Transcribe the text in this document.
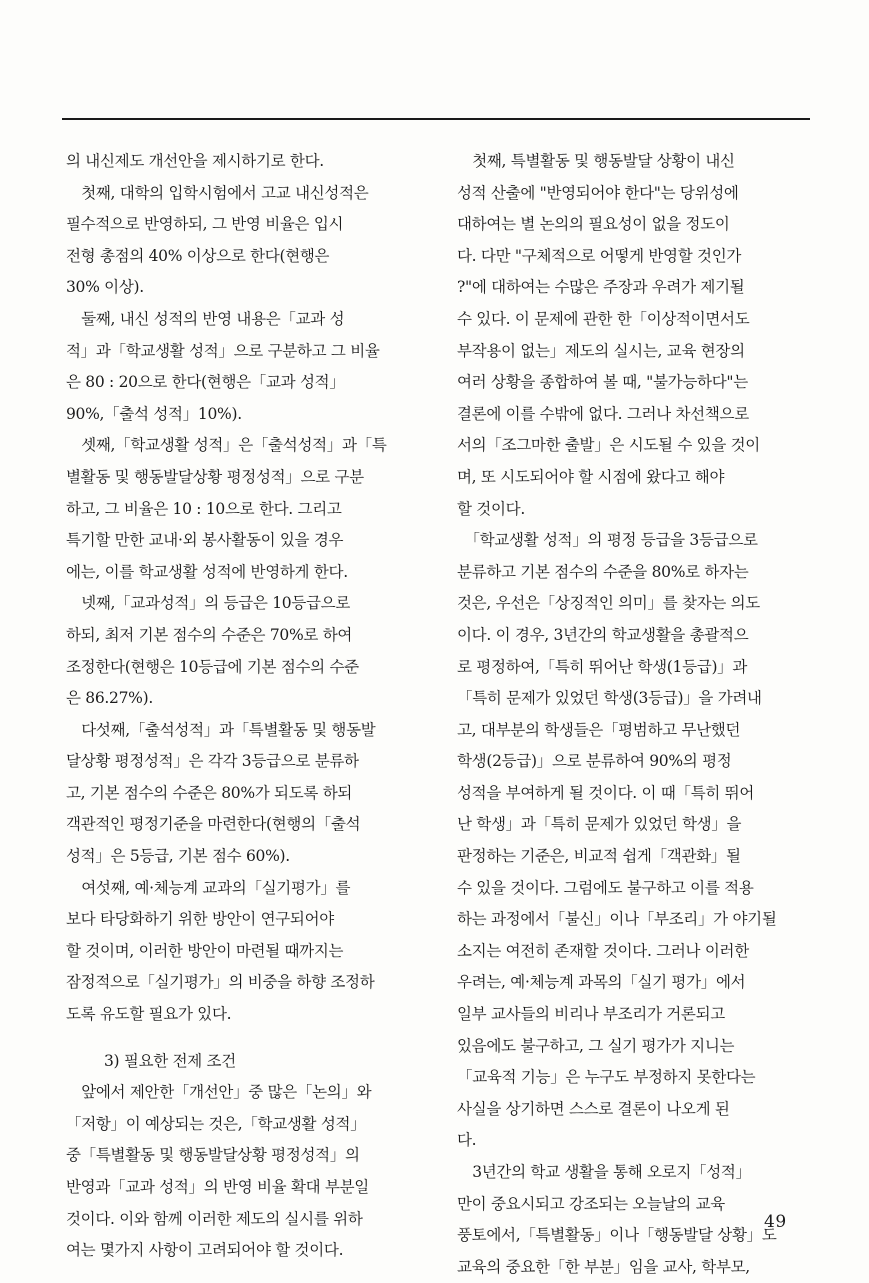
의 내신제도 개선안을 제시하기로 한다.
　첫째, 대학의 입학시험에서 고교 내신성적은
필수적으로 반영하되, 그 반영 비율은 입시
전형 총점의 40% 이상으로 한다(현행은
30% 이상).
　둘째, 내신 성적의 반영 내용은「교과 성
적」과「학교생활 성적」으로 구분하고 그 비율
은 80 : 20으로 한다(현행은「교과 성적」
90%,「출석 성적」10%).
　셋째,「학교생활 성적」은「출석성적」과「특
별활동 및 행동발달상황 평정성적」으로 구분
하고, 그 비율은 10 : 10으로 한다. 그리고
특기할 만한 교내·외 봉사활동이 있을 경우
에는, 이를 학교생활 성적에 반영하게 한다.
　넷째,「교과성적」의 등급은 10등급으로
하되, 최저 기본 점수의 수준은 70%로 하여
조정한다(현행은 10등급에 기본 점수의 수준
은 86.27%).
　다섯째,「출석성적」과「특별활동 및 행동발
달상황 평정성적」은 각각 3등급으로 분류하
고, 기본 점수의 수준은 80%가 되도록 하되
객관적인 평정기준을 마련한다(현행의「출석
성적」은 5등급, 기본 점수 60%).
　여섯째, 예·체능계 교과의「실기평가」를
보다 타당화하기 위한 방안이 연구되어야
할 것이며, 이러한 방안이 마련될 때까지는
잠정적으로「실기평가」의 비중을 하향 조정하
도록 유도할 필요가 있다.
3) 필요한 전제 조건
　앞에서 제안한「개선안」중 많은「논의」와
「저항」이 예상되는 것은,「학교생활 성적」
중「특별활동 및 행동발달상황 평정성적」의
반영과「교과 성적」의 반영 비율 확대 부분일
것이다. 이와 함께 이러한 제도의 실시를 위하
여는 몇가지 사항이 고려되어야 할 것이다.
　첫째, 특별활동 및 행동발달 상황이 내신
성적 산출에 "반영되어야 한다"는 당위성에
대하여는 별 논의의 필요성이 없을 정도이
다. 다만 "구체적으로 어떻게 반영할 것인가
?"에 대하여는 수많은 주장과 우려가 제기될
수 있다. 이 문제에 관한 한「이상적이면서도
부작용이 없는」제도의 실시는, 교육 현장의
여러 상황을 종합하여 볼 때, "불가능하다"는
결론에 이를 수밖에 없다. 그러나 차선책으로
서의「조그마한 출발」은 시도될 수 있을 것이
며, 또 시도되어야 할 시점에 왔다고 해야
할 것이다.
　「학교생활 성적」의 평정 등급을 3등급으로
분류하고 기본 점수의 수준을 80%로 하자는
것은, 우선은「상징적인 의미」를 찾자는 의도
이다. 이 경우, 3년간의 학교생활을 총괄적으
로 평정하여,「특히 뛰어난 학생(1등급)」과
「특히 문제가 있었던 학생(3등급)」을 가려내
고, 대부분의 학생들은「평범하고 무난했던
학생(2등급)」으로 분류하여 90%의 평정
성적을 부여하게 될 것이다. 이 때「특히 뛰어
난 학생」과「특히 문제가 있었던 학생」을
판정하는 기준은, 비교적 쉽게「객관화」될
수 있을 것이다. 그럼에도 불구하고 이를 적용
하는 과정에서「불신」이나「부조리」가 야기될
소지는 여전히 존재할 것이다. 그러나 이러한
우려는, 예·체능계 과목의「실기 평가」에서
일부 교사들의 비리나 부조리가 거론되고
있음에도 불구하고, 그 실기 평가가 지니는
「교육적 기능」은 누구도 부정하지 못한다는
사실을 상기하면 스스로 결론이 나오게 된
다.
　3년간의 학교 생활을 통해 오로지「성적」
만이 중요시되고 강조되는 오늘날의 교육
풍토에서,「특별활동」이나「행동발달 상황」도
교육의 중요한「한 부분」임을 교사, 학부모,
49
